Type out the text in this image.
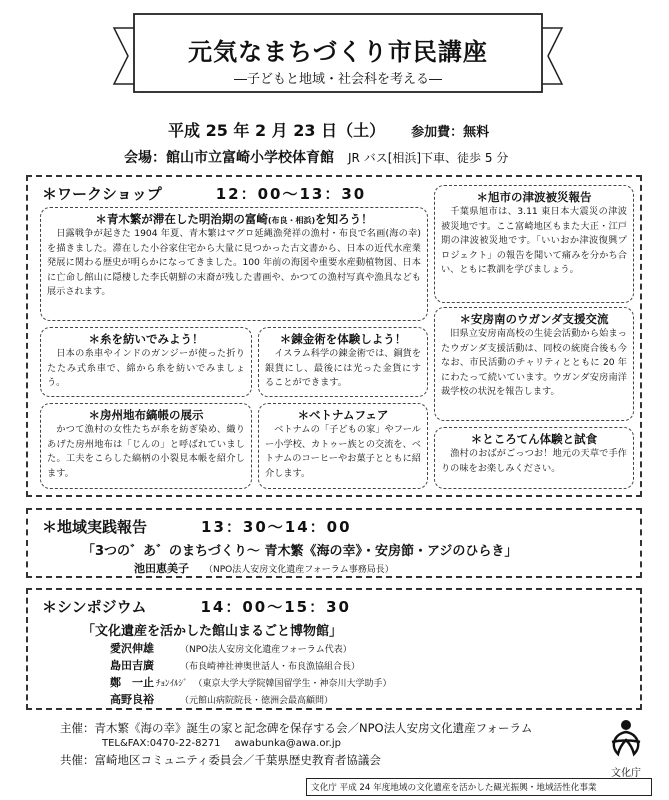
元気なまちづくり市民講座
―子どもと地域・社会科を考える―
平成 25 年 2 月 23 日（土） 参加費：無料
会場：館山市立富崎小学校体育館 JR バス[相浜]下車、徒歩 5 分
＊ワークショップ	12：00～13：30
＊青木繁が滞在した明治期の富崎(布良・相浜)を知ろう！
日露戦争が起きた 1904 年夏、青木繁はマグロ延縄漁発祥の漁村・布良で名画(海の幸)を描きました。滞在した小谷家住宅から大量に見つかった古文書から、日本の近代水産業発展に関わる歴史が明らかになってきました。100 年前の海図や重要水産動植物図、日本に亡命し館山に隠棲した李氏朝鮮の末裔が残した書画や、かつての漁村写真や漁具なども展示されます。
＊旭市の津波被災報告
千葉県旭市は、3.11 東日本大震災の津波被災地です。ここ富崎地区もまた大正・江戸期の津波被災地です。「いいおか津波復興プロジェクト」の報告を聞いて痛みを分かち合い、ともに教訓を学びましょう。
＊糸を紡いでみよう！
日本の糸車やインドのガンジーが使った折りたたみ式糸車で、綿から糸を紡いでみましょう。
＊錬金術を体験しよう！
イスラム科学の錬金術では、銅貨を銀貨にし、最後には光った金貨にすることができます。
＊安房南のウガンダ支援交流
旧県立安房南高校の生徒会活動から始まったウガンダ支援活動は、同校の統廃合後も今なお、市民活動のチャリティとともに 20 年にわたって続いています。ウガンダ安房南洋裁学校の状況を報告します。
＊房州地布縞帳の展示
かつて漁村の女性たちが糸を紡ぎ染め、織りあげた房州地布は「じんの」と呼ばれていました。工夫をこらした縞柄の小裂見本帳を紹介します。
＊ベトナムフェア
ベトナムの「子どもの家」やフールー小学校、カトゥー族との交流を、ベトナムのコーヒーやお菓子とともに紹介します。
＊ところてん体験と試食
漁村のおばがごっつお！地元の天草で手作りの味をお楽しみください。
＊地域実践報告	13：30～14：00
「3つの゛あ゛のまちづくり～ 青木繁《海の幸》・安房節・アジのひらき」
池田恵美子 （NPO法人安房文化遺産フォーラム事務局長）
＊シンポジウム	14：00～15：30
「文化遺産を活かした館山まるごと博物館」
愛沢伸雄	（NPO法人安房文化遺産フォーラム代表）
島田吉廣	（布良崎神社神奥世話人・布良漁協組合長）
鄭　一止 ﾁｮﾝｲﾙｼﾞ （東京大学大学院韓国留学生・神奈川大学助手）
高野良裕	（元館山病院院長・徳洲会最高顧問）
主催：青木繁《海の幸》誕生の家と記念碑を保存する会／NPO法人安房文化遺産フォーラム
TEL&FAX:0470-22-8271 awabunka@awa.or.jp
共催：富崎地区コミュニティ委員会／千葉県歴史教育者協議会
文化庁
文化庁 平成 24 年度地域の文化遺産を活かした観光振興・地域活性化事業
